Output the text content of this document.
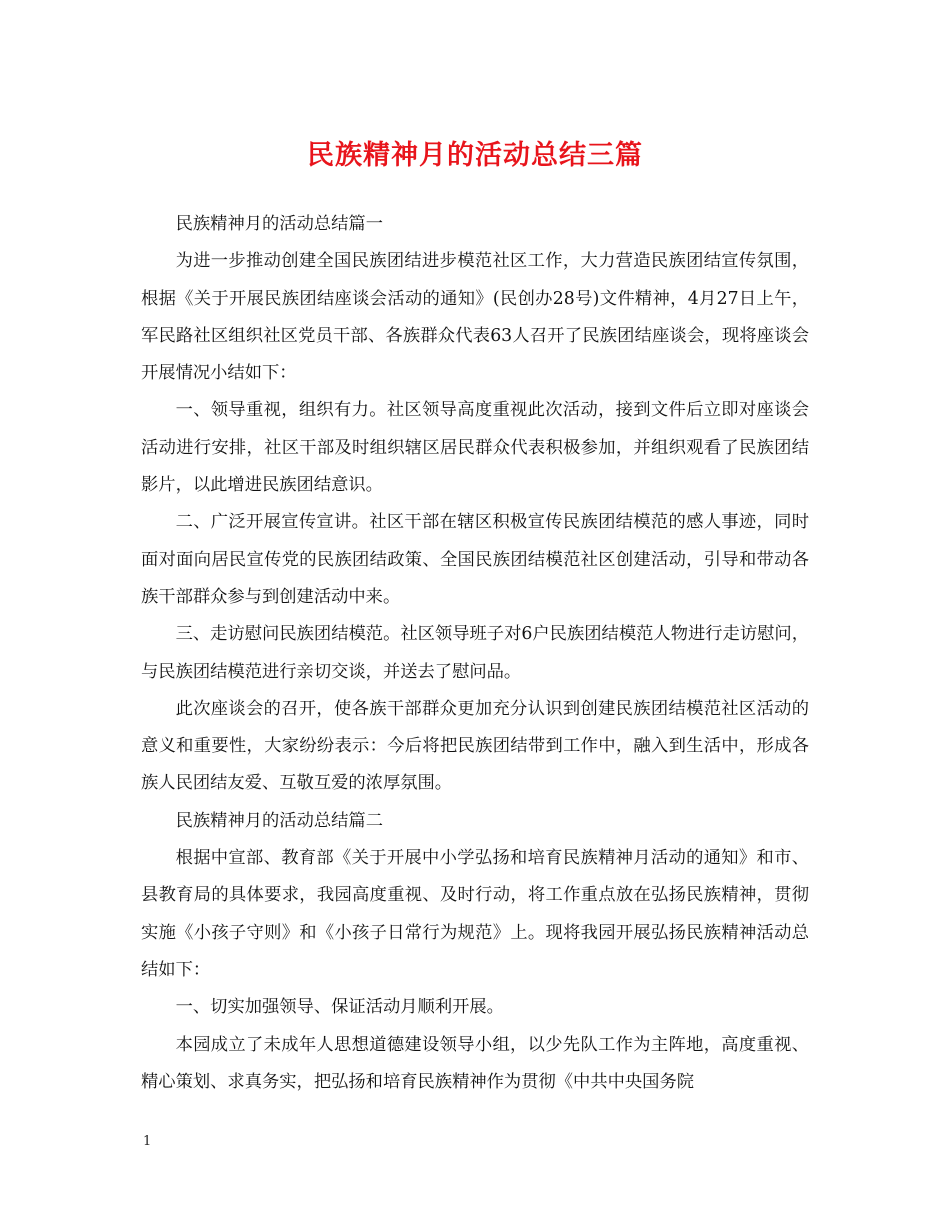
民族精神月的活动总结三篇

民族精神月的活动总结篇一

为进一步推动创建全国民族团结进步模范社区工作，大力营造民族团结宣传氛围，根据《关于开展民族团结座谈会活动的通知》(民创办28号)文件精神，4月27日上午，军民路社区组织社区党员干部、各族群众代表63人召开了民族团结座谈会，现将座谈会开展情况小结如下：

一、领导重视，组织有力。社区领导高度重视此次活动，接到文件后立即对座谈会活动进行安排，社区干部及时组织辖区居民群众代表积极参加，并组织观看了民族团结影片，以此增进民族团结意识。

二、广泛开展宣传宣讲。社区干部在辖区积极宣传民族团结模范的感人事迹，同时面对面向居民宣传党的民族团结政策、全国民族团结模范社区创建活动，引导和带动各族干部群众参与到创建活动中来。

三、走访慰问民族团结模范。社区领导班子对6户民族团结模范人物进行走访慰问，与民族团结模范进行亲切交谈，并送去了慰问品。

此次座谈会的召开，使各族干部群众更加充分认识到创建民族团结模范社区活动的意义和重要性，大家纷纷表示：今后将把民族团结带到工作中，融入到生活中，形成各族人民团结友爱、互敬互爱的浓厚氛围。

民族精神月的活动总结篇二

根据中宣部、教育部《关于开展中小学弘扬和培育民族精神月活动的通知》和市、县教育局的具体要求，我园高度重视、及时行动，将工作重点放在弘扬民族精神，贯彻实施《小孩子守则》和《小孩子日常行为规范》上。现将我园开展弘扬民族精神活动总结如下：

一、切实加强领导、保证活动月顺利开展。

本园成立了未成年人思想道德建设领导小组，以少先队工作为主阵地，高度重视、精心策划、求真务实，把弘扬和培育民族精神作为贯彻《中共中央国务院

1
